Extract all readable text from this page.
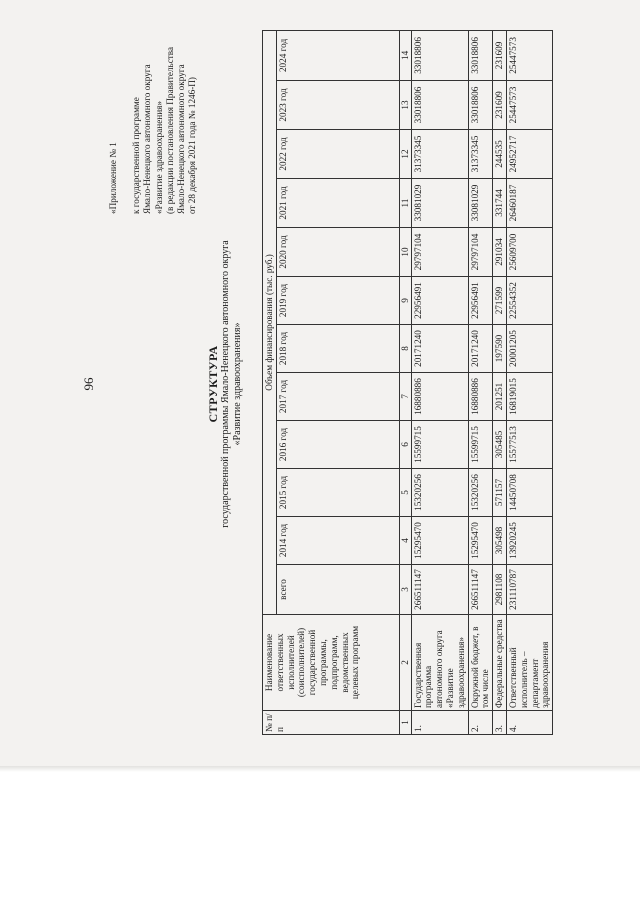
96
«Приложение № 1 к государственной программе Ямало-Ненецкого автономного округа «Развитие здравоохранения» (в редакции постановления Правительства Ямало-Ненецкого автономного округа от 28 декабря 2021 года № 1246-П)
СТРУКТУРА государственной программы Ямало-Ненецкого автономного округа «Развитие здравоохранения»
№ п/п	Наименование ответственных исполнителей (соисполнителей) государственной программы, подпрограмм, ведомственных целевых программ	Объем финансирования (тыс. руб.)											
		всего	2014 год	2015 год	2016 год	2017 год	2018 год	2019 год	2020 год	2021 год	2022 год	2023 год	2024 год
1	2	3	4	5	6	7	8	9	10	11	12	13	14
1.	Государственная программа автономного округа «Развитие здравоохранения»	266511147	15295470	15320256	15599715	16880886	20171240	22956491	29797104	33081029	31373345	33018806	33018806
2.	Окружной бюджет, в том числе	266511147	15295470	15320256	15599715	16880886	20171240	22956491	29797104	33081029	31373345	33018806	33018806
3.	Федеральные средства	2981108	305498	571157	305485	201251	197590	271599	291034	331744	244535	231609	231609
4.	Ответственный исполнитель – департамент здравоохранения	231110787	13920245	14450708	15577513	16819015	20001205	22554352	25609700	26460187	24952717	25447573	25447573
